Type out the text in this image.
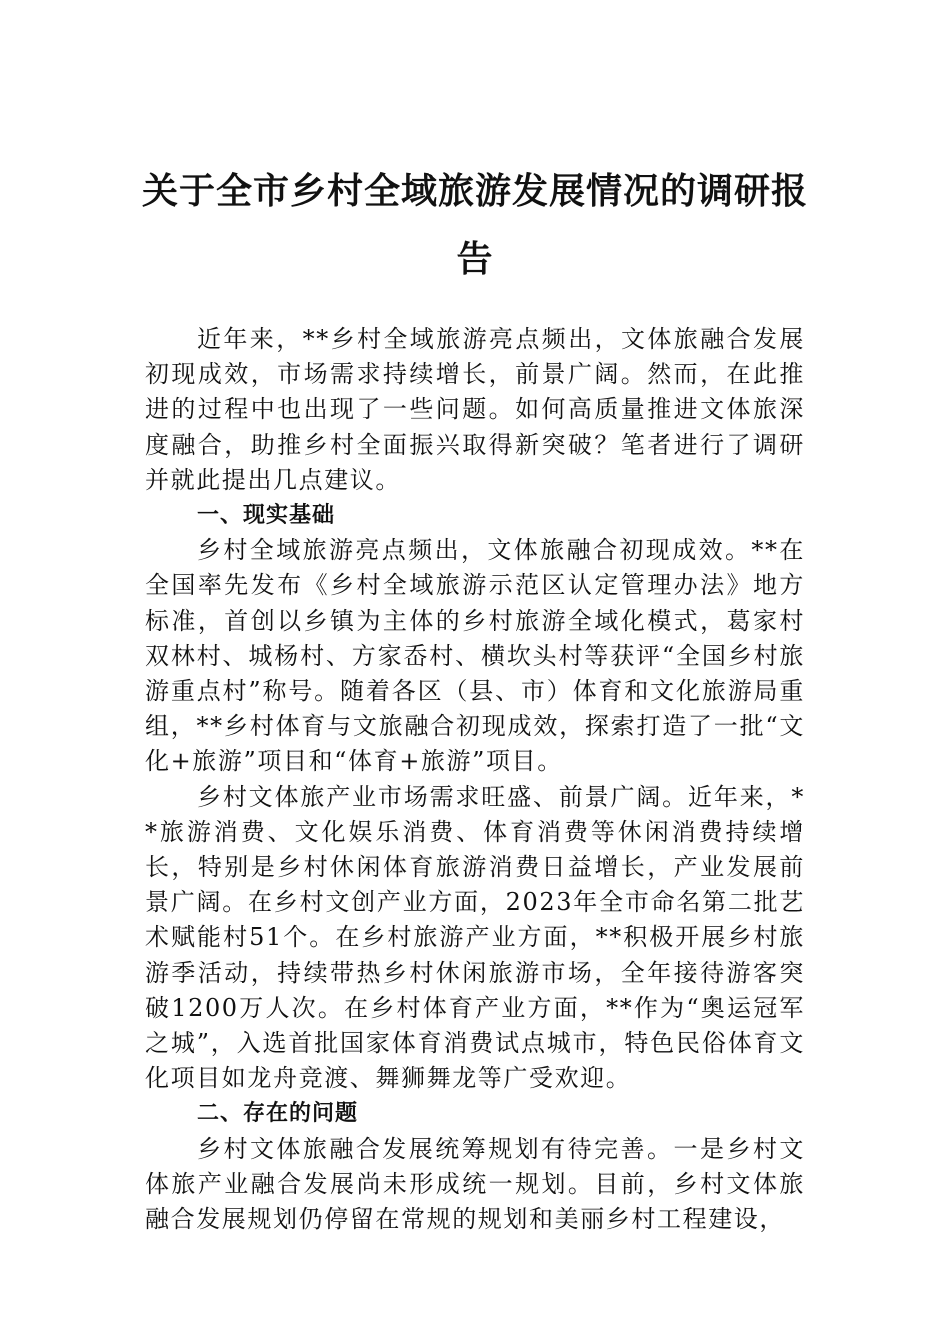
关于全市乡村全域旅游发展情况的调研报告

近年来，**乡村全域旅游亮点频出，文体旅融合发展初现成效，市场需求持续增长，前景广阔。然而，在此推进的过程中也出现了一些问题。如何高质量推进文体旅深度融合，助推乡村全面振兴取得新突破？笔者进行了调研并就此提出几点建议。

一、现实基础

乡村全域旅游亮点频出，文体旅融合初现成效。**在全国率先发布《乡村全域旅游示范区认定管理办法》地方标准，首创以乡镇为主体的乡村旅游全域化模式，葛家村双林村、城杨村、方家岙村、横坎头村等获评“全国乡村旅游重点村”称号。随着各区（县、市）体育和文化旅游局重组，**乡村体育与文旅融合初现成效，探索打造了一批“文化+旅游”项目和“体育+旅游”项目。

乡村文体旅产业市场需求旺盛、前景广阔。近年来，**旅游消费、文化娱乐消费、体育消费等休闲消费持续增长，特别是乡村休闲体育旅游消费日益增长，产业发展前景广阔。在乡村文创产业方面，2023年全市命名第二批艺术赋能村51个。在乡村旅游产业方面，**积极开展乡村旅游季活动，持续带热乡村休闲旅游市场，全年接待游客突破1200万人次。在乡村体育产业方面，**作为“奥运冠军之城”，入选首批国家体育消费试点城市，特色民俗体育文化项目如龙舟竞渡、舞狮舞龙等广受欢迎。

二、存在的问题

乡村文体旅融合发展统筹规划有待完善。一是乡村文体旅产业融合发展尚未形成统一规划。目前，乡村文体旅融合发展规划仍停留在常规的规划和美丽乡村工程建设，
